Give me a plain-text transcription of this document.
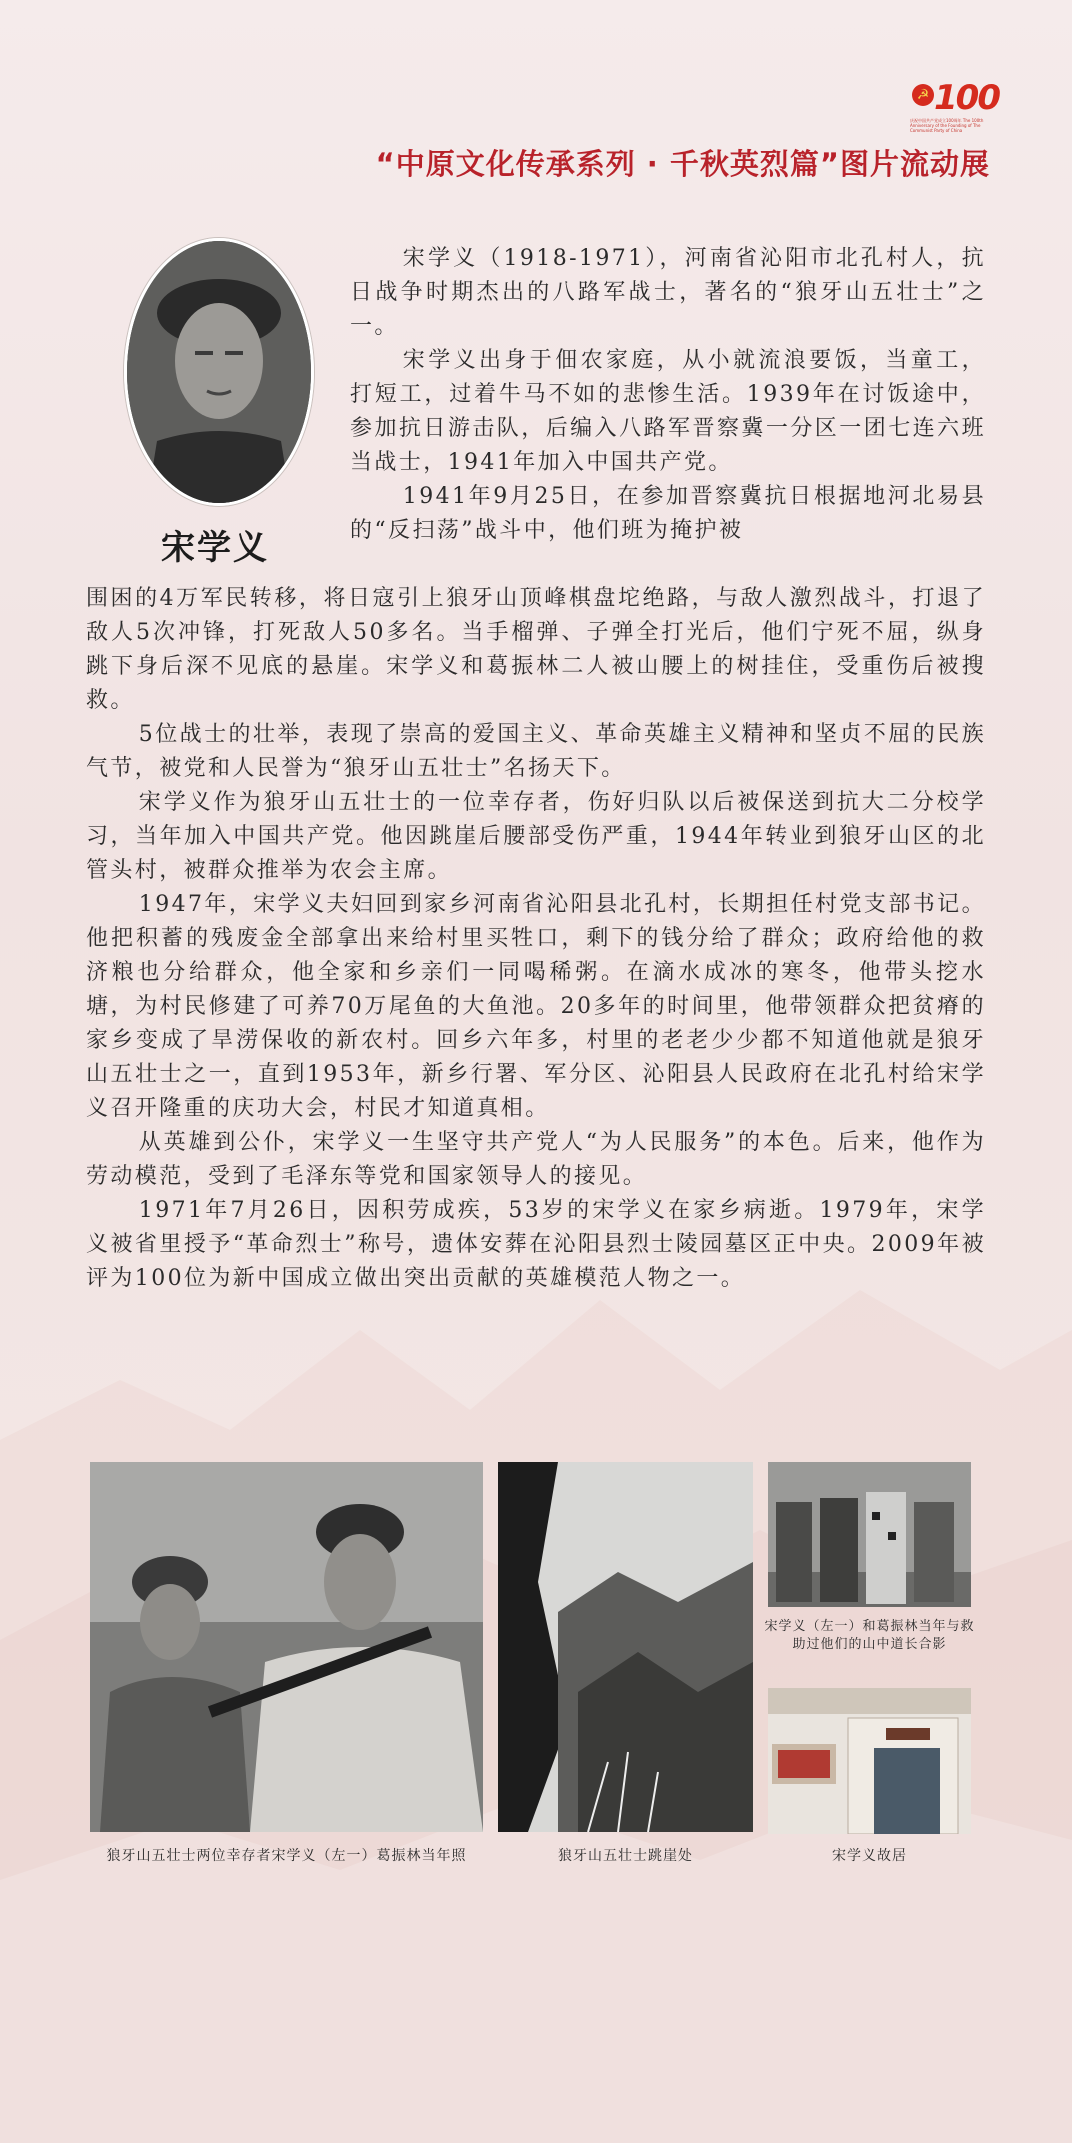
☭ 100
庆祝中国共产党成立100周年 The 100th Anniversary of the Founding of The Communist Party of China
“中原文化传承系列 · 千秋英烈篇”图片流动展
宋学义

宋学义（1918-1971），河南省沁阳市北孔村人，抗日战争时期杰出的八路军战士，著名的“狼牙山五壮士”之一。

宋学义出身于佃农家庭，从小就流浪要饭，当童工，打短工，过着牛马不如的悲惨生活。1939年在讨饭途中，参加抗日游击队，后编入八路军晋察冀一分区一团七连六班当战士，1941年加入中国共产党。

1941年9月25日，在参加晋察冀抗日根据地河北易县的“反扫荡”战斗中，他们班为掩护被

围困的4万军民转移，将日寇引上狼牙山顶峰棋盘坨绝路，与敌人激烈战斗，打退了敌人5次冲锋，打死敌人50多名。当手榴弹、子弹全打光后，他们宁死不屈，纵身跳下身后深不见底的悬崖。宋学义和葛振林二人被山腰上的树挂住，受重伤后被搜救。

5位战士的壮举，表现了崇高的爱国主义、革命英雄主义精神和坚贞不屈的民族气节，被党和人民誉为“狼牙山五壮士”名扬天下。

宋学义作为狼牙山五壮士的一位幸存者，伤好归队以后被保送到抗大二分校学习，当年加入中国共产党。他因跳崖后腰部受伤严重，1944年转业到狼牙山区的北管头村，被群众推举为农会主席。

1947年，宋学义夫妇回到家乡河南省沁阳县北孔村，长期担任村党支部书记。他把积蓄的残废金全部拿出来给村里买牲口，剩下的钱分给了群众；政府给他的救济粮也分给群众，他全家和乡亲们一同喝稀粥。在滴水成冰的寒冬，他带头挖水塘，为村民修建了可养70万尾鱼的大鱼池。20多年的时间里，他带领群众把贫瘠的家乡变成了旱涝保收的新农村。回乡六年多，村里的老老少少都不知道他就是狼牙山五壮士之一，直到1953年，新乡行署、军分区、沁阳县人民政府在北孔村给宋学义召开隆重的庆功大会，村民才知道真相。

从英雄到公仆，宋学义一生坚守共产党人“为人民服务”的本色。后来，他作为劳动模范，受到了毛泽东等党和国家领导人的接见。

1971年7月26日，因积劳成疾，53岁的宋学义在家乡病逝。1979年，宋学义被省里授予“革命烈士”称号，遗体安葬在沁阳县烈士陵园墓区正中央。2009年被评为100位为新中国成立做出突出贡献的英雄模范人物之一。

狼牙山五壮士两位幸存者宋学义（左一）葛振林当年照	狼牙山五壮士跳崖处
宋学义（左一）和葛振林当年与救助过他们的山中道长合影
宋学义故居
